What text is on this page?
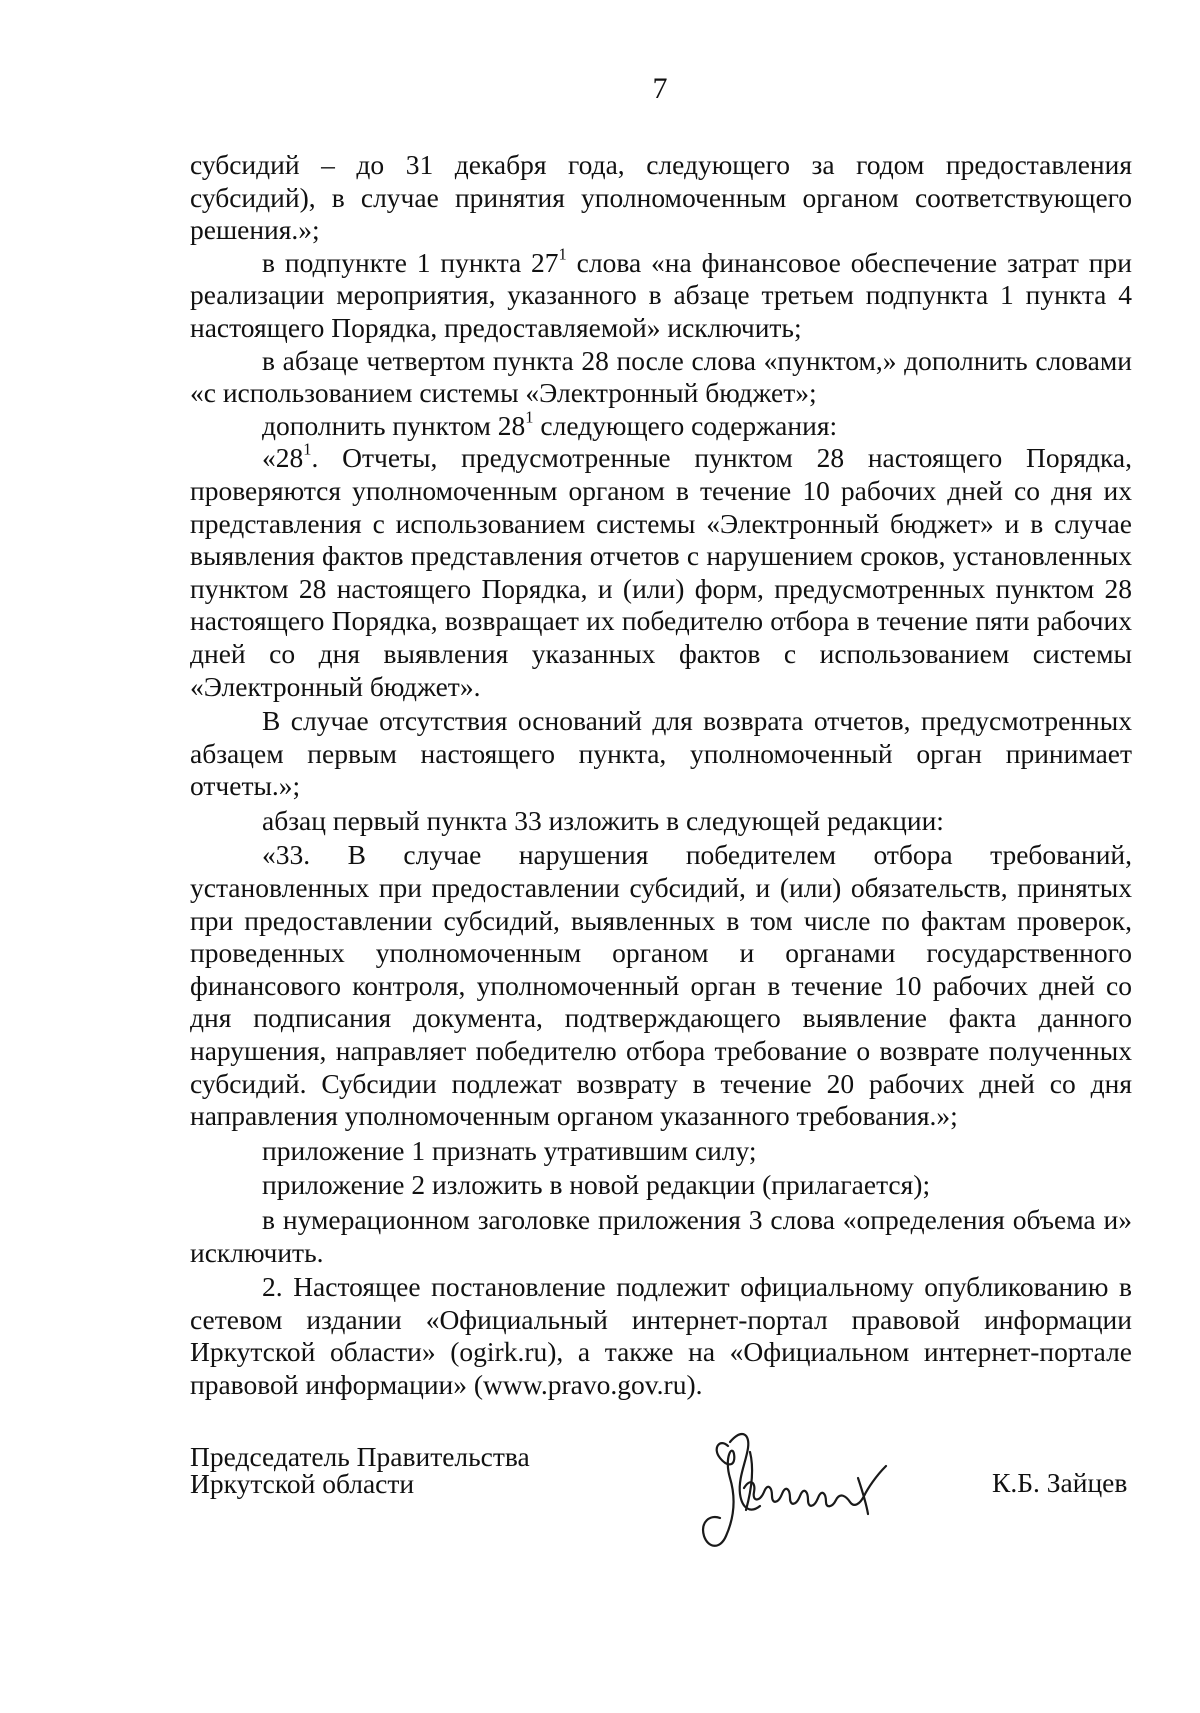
7

субсидий – до 31 декабря года, следующего за годом предоставления субсидий), в случае принятия уполномоченным органом соответствующего решения.»;

в подпункте 1 пункта $27^1$ слова «на финансовое обеспечение затрат при реализации мероприятия, указанного в абзаце третьем подпункта 1 пункта 4 настоящего Порядка, предоставляемой» исключить;

в абзаце четвертом пункта 28 после слова «пунктом,» дополнить словами «с использованием системы «Электронный бюджет»;

дополнить пунктом $28^1$ следующего содержания:

«$28^1$. Отчеты, предусмотренные пунктом 28 настоящего Порядка, проверяются уполномоченным органом в течение 10 рабочих дней со дня их представления с использованием системы «Электронный бюджет» и в случае выявления фактов представления отчетов с нарушением сроков, установленных пунктом 28 настоящего Порядка, и (или) форм, предусмотренных пунктом 28 настоящего Порядка, возвращает их победителю отбора в течение пяти рабочих дней со дня выявления указанных фактов с использованием системы «Электронный бюджет».

В случае отсутствия оснований для возврата отчетов, предусмотренных абзацем первым настоящего пункта, уполномоченный орган принимает отчеты.»;

абзац первый пункта 33 изложить в следующей редакции:

«33. В случае нарушения победителем отбора требований, установленных при предоставлении субсидий, и (или) обязательств, принятых при предоставлении субсидий, выявленных в том числе по фактам проверок, проведенных уполномоченным органом и органами государственного финансового контроля, уполномоченный орган в течение 10 рабочих дней со дня подписания документа, подтверждающего выявление факта данного нарушения, направляет победителю отбора требование о возврате полученных субсидий. Субсидии подлежат возврату в течение 20 рабочих дней со дня направления уполномоченным органом указанного требования.»;

приложение 1 признать утратившим силу;

приложение 2 изложить в новой редакции (прилагается);

в нумерационном заголовке приложения 3 слова «определения объема и» исключить.

2. Настоящее постановление подлежит официальному опубликованию в сетевом издании «Официальный интернет-портал правовой информации Иркутской области» (ogirk.ru), а также на «Официальном интернет-портале правовой информации» (www.pravo.gov.ru).

Председатель Правительства
Иркутской области	К.Б. Зайцев
